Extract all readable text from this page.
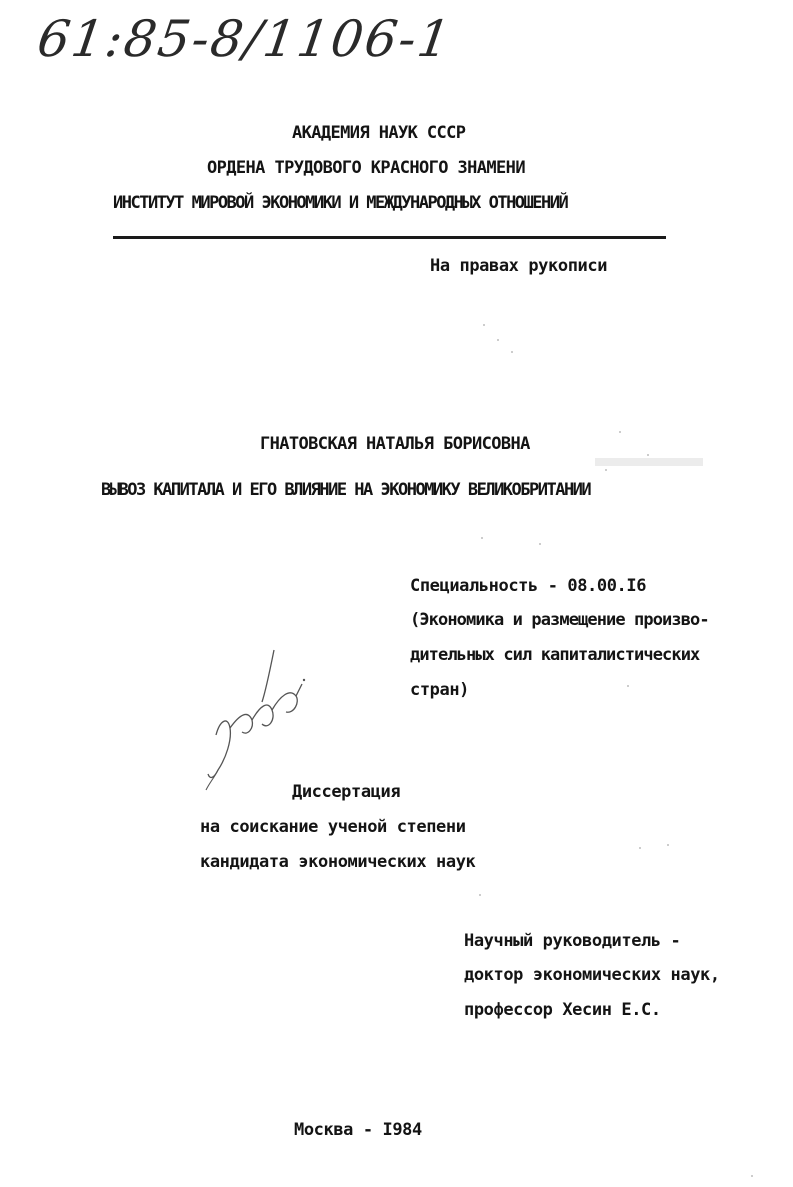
61:85-8/1106-1
АКАДЕМИЯ НАУК СССР
ОРДЕНА ТРУДОВОГО КРАСНОГО ЗНАМЕНИ
ИНСТИТУТ МИРОВОЙ ЭКОНОМИКИ И МЕЖДУНАРОДНЫХ ОТНОШЕНИЙ
На правах рукописи
ГНАТОВСКАЯ НАТАЛЬЯ БОРИСОВНА
ВЫВОЗ КАПИТАЛА И ЕГО ВЛИЯНИЕ НА ЭКОНОМИКУ ВЕЛИКОБРИТАНИИ
Специальность - 08.00.I6
(Экономика и размещение произво-
дительных сил капиталистических
стран)
Диссертация
на соискание ученой степени
кандидата экономических наук
Научный руководитель -
доктор экономических наук,
профессор Хесин Е.С.
Москва - I984
